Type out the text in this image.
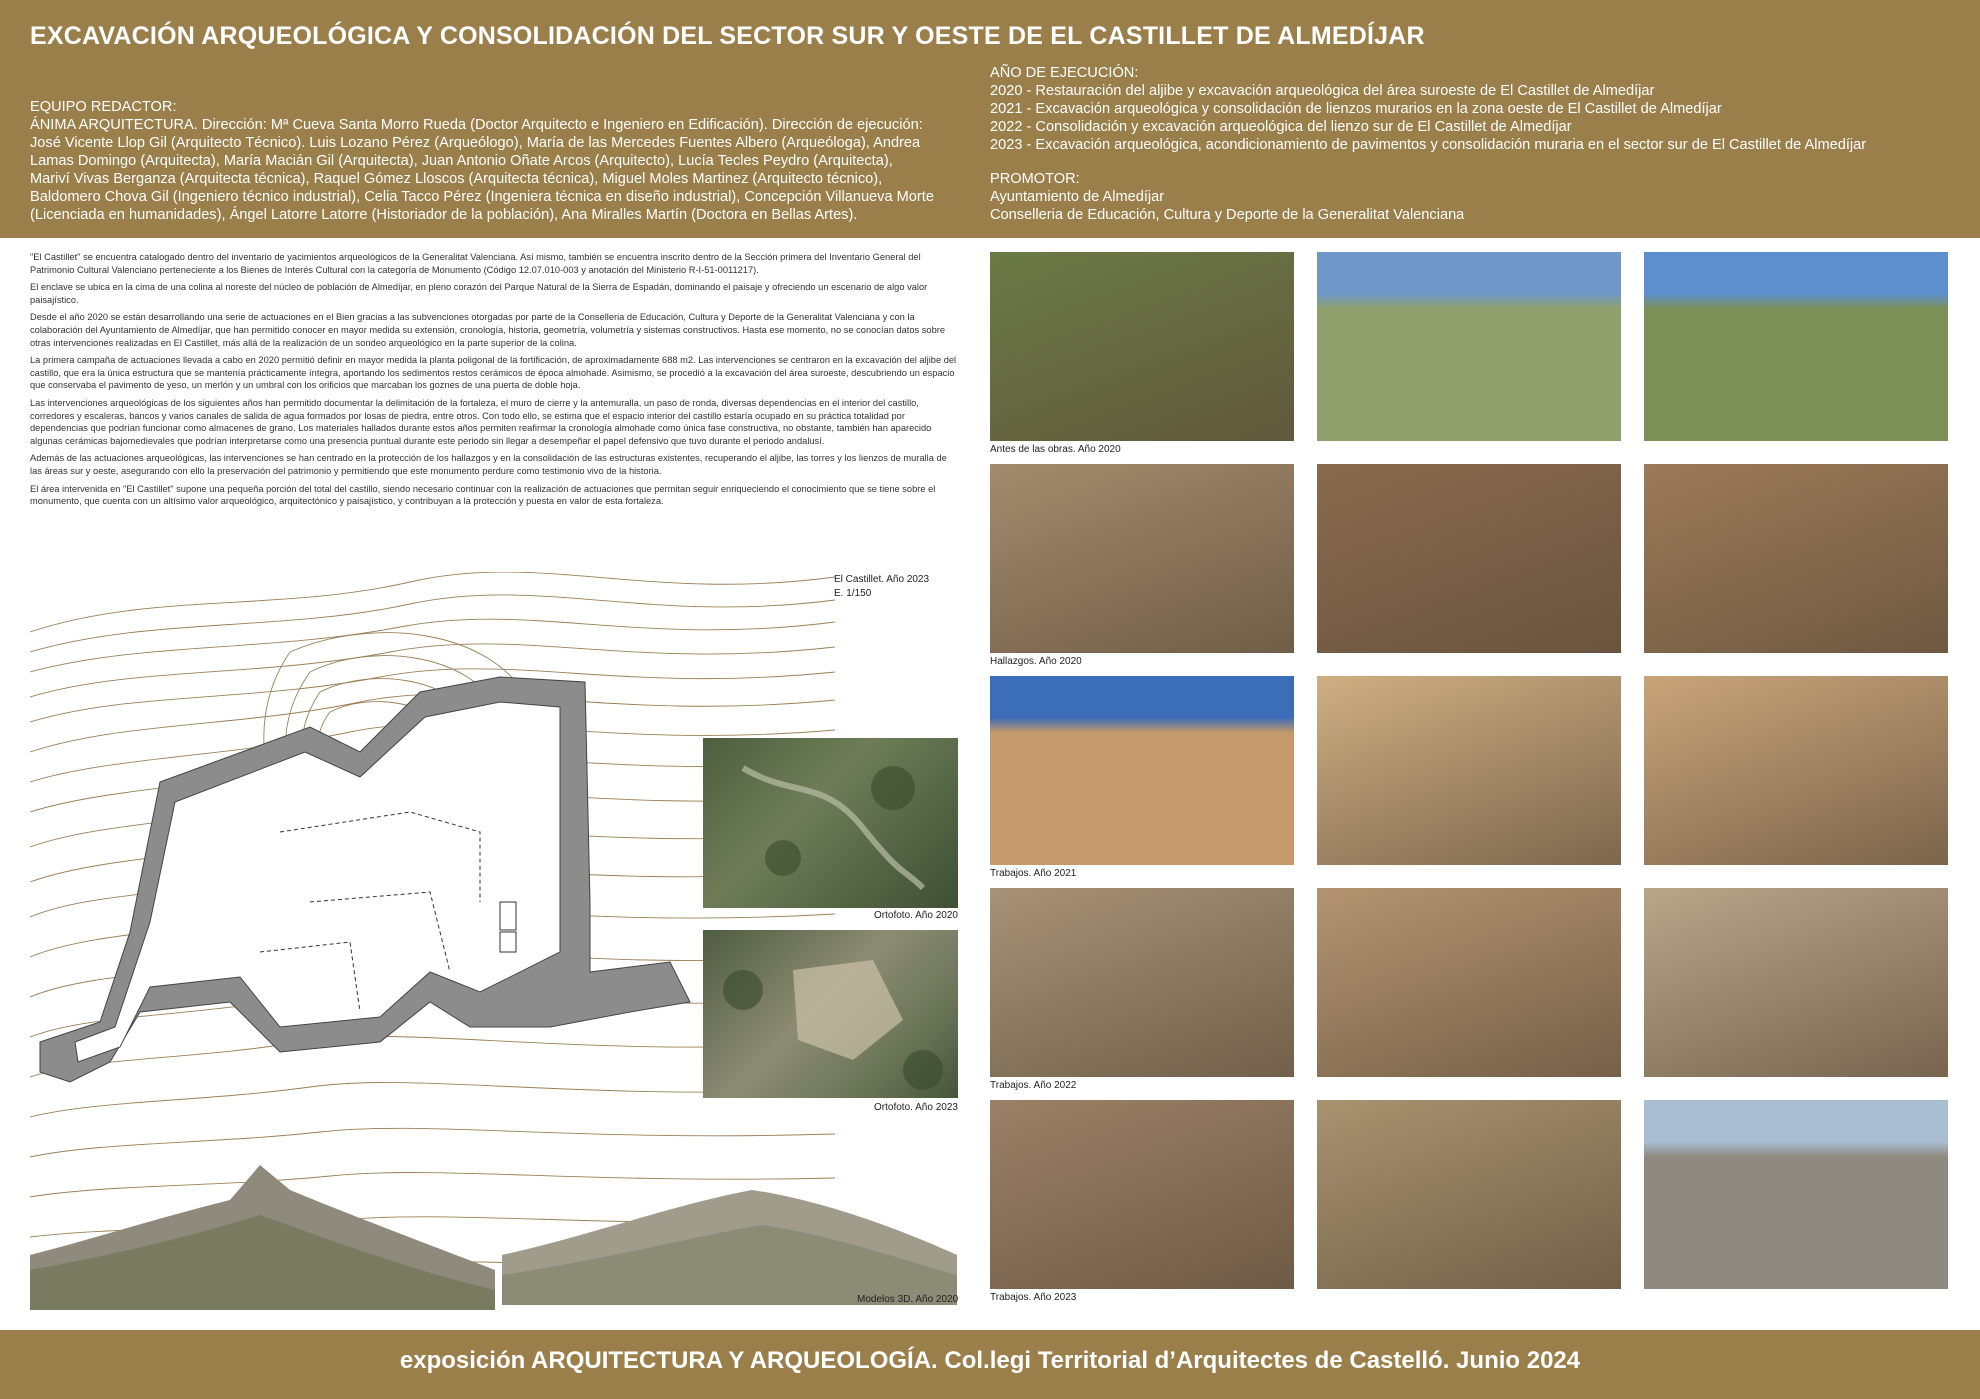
EXCAVACIÓN ARQUEOLÓGICA Y CONSOLIDACIÓN DEL SECTOR SUR Y OESTE DE EL CASTILLET DE ALMEDÍJAR
EQUIPO REDACTOR:
ÁNIMA ARQUITECTURA. Dirección: Mª Cueva Santa Morro Rueda (Doctor Arquitecto e Ingeniero en Edificación). Dirección de ejecución:
José Vicente Llop Gil (Arquitecto Técnico). Luis Lozano Pérez (Arqueólogo), María de las Mercedes Fuentes Albero (Arqueóloga), Andrea
Lamas Domingo (Arquitecta), María Macián Gil (Arquitecta), Juan Antonio Oñate Arcos (Arquitecto), Lucía Tecles Peydro (Arquitecta),
Mariví Vivas Berganza (Arquitecta técnica), Raquel Gómez Lloscos (Arquitecta técnica), Miguel Moles Martinez (Arquitecto técnico),
Baldomero Chova Gil (Ingeniero técnico industrial), Celia Tacco Pérez (Ingeniera técnica en diseño industrial), Concepción Villanueva Morte
(Licenciada en humanidades), Ángel Latorre Latorre (Historiador de la población), Ana Miralles Martín (Doctora en Bellas Artes).
AÑO DE EJECUCIÓN:
2020 - Restauración del aljibe y excavación arqueológica del área suroeste de El Castillet de Almedíjar
2021 - Excavación arqueológica y consolidación de lienzos murarios en la zona oeste de El Castillet de Almedíjar
2022 - Consolidación y excavación arqueológica del lienzo sur de El Castillet de Almedíjar
2023 - Excavación arqueológica, acondicionamiento de pavimentos y consolidación muraria en el sector sur de El Castillet de Almedíjar
PROMOTOR:
Ayuntamiento de Almedíjar
Conselleria de Educación, Cultura y Deporte de la Generalitat Valenciana

"El Castillet" se encuentra catalogado dentro del inventario de yacimientos arqueológicos de la Generalitat Valenciana. Así mismo, también se encuentra inscrito dentro de la Sección primera del Inventario General del Patrimonio Cultural Valenciano perteneciente a los Bienes de Interés Cultural con la categoría de Monumento (Código 12.07.010-003 y anotación del Ministerio R-I-51-0011217).

El enclave se ubica en la cima de una colina al noreste del núcleo de población de Almedíjar, en pleno corazón del Parque Natural de la Sierra de Espadán, dominando el paisaje y ofreciendo un escenario de algo valor paisajístico.

Desde el año 2020 se están desarrollando una serie de actuaciones en el Bien gracias a las subvenciones otorgadas por parte de la Conselleria de Educación, Cultura y Deporte de la Generalitat Valenciana y con la colaboración del Ayuntamiento de Almedíjar, que han permitido conocer en mayor medida su extensión, cronología, historia, geometría, volumetría y sistemas constructivos. Hasta ese momento, no se conocían datos sobre otras intervenciones realizadas en El Castillet, más allá de la realización de un sondeo arqueológico en la parte superior de la colina.

La primera campaña de actuaciones llevada a cabo en 2020 permitió definir en mayor medida la planta poligonal de la fortificación, de aproximadamente 688 m2. Las intervenciones se centraron en la excavación del aljibe del castillo, que era la única estructura que se mantenía prácticamente íntegra, aportando los sedimentos restos cerámicos de época almohade. Asimismo, se procedió a la excavación del área suroeste, descubriendo un espacio que conservaba el pavimento de yeso, un merlón y un umbral con los orificios que marcaban los goznes de una puerta de doble hoja.

Las intervenciones arqueológicas de los siguientes años han permitido documentar la delimitación de la fortaleza, el muro de cierre y la antemuralla, un paso de ronda, diversas dependencias en el interior del castillo, corredores y escaleras, bancos y varios canales de salida de agua formados por losas de piedra, entre otros. Con todo ello, se estima que el espacio interior del castillo estaría ocupado en su práctica totalidad por dependencias que podrían funcionar como almacenes de grano. Los materiales hallados durante estos años permiten reafirmar la cronología almohade como única fase constructiva, no obstante, también han aparecido algunas cerámicas bajomedievales que podrían interpretarse como una presencia puntual durante este periodo sin llegar a desempeñar el papel defensivo que tuvo durante el periodo andalusí.

Además de las actuaciones arqueológicas, las intervenciones se han centrado en la protección de los hallazgos y en la consolidación de las estructuras existentes, recuperando el aljibe, las torres y los lienzos de muralla de las áreas sur y oeste, asegurando con ello la preservación del patrimonio y permitiendo que este monumento perdure como testimonio vivo de la historia.

El área intervenida en "El Castillet" supone una pequeña porción del total del castillo, siendo necesario continuar con la realización de actuaciones que permitan seguir enriqueciendo el conocimiento que se tiene sobre el monumento, que cuenta con un altísimo valor arqueológico, arquitectónico y paisajístico, y contribuyan a la protección y puesta en valor de esta fortaleza.

El Castillet. Año 2023
E. 1/150
Ortofoto. Año 2020
Ortofoto. Año 2023
Modelos 3D. Año 2020
Antes de las obras. Año 2020
Hallazgos. Año 2020
Trabajos. Año 2021
Trabajos. Año 2022
Trabajos. Año 2023
exposición ARQUITECTURA Y ARQUEOLOGÍA. Col.legi Territorial d’Arquitectes de Castelló. Junio 2024
